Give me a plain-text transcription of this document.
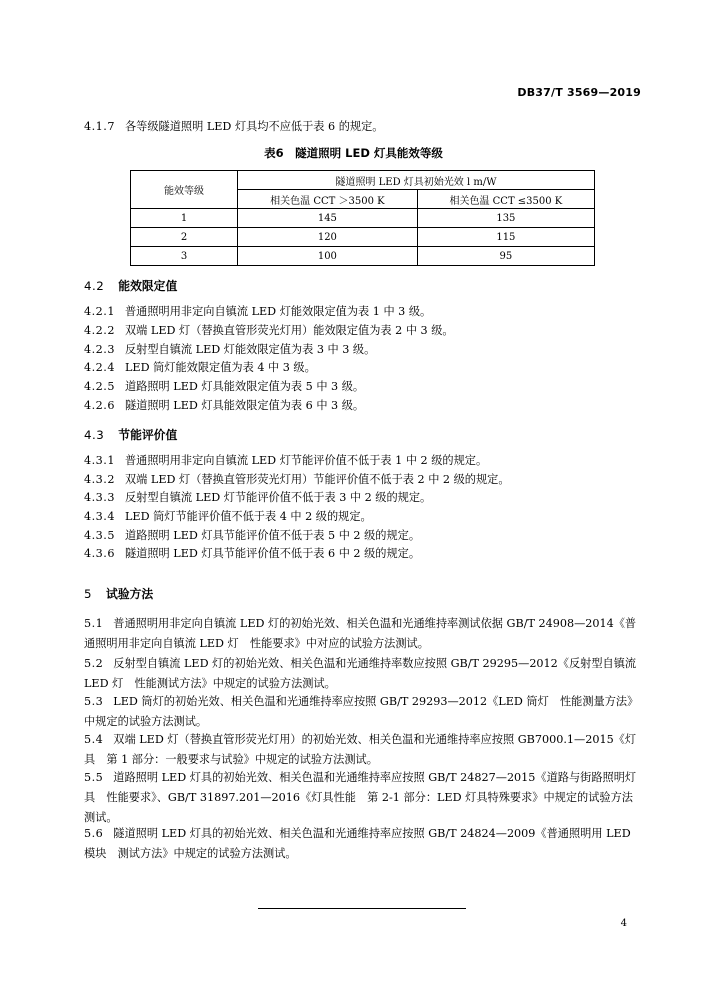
DB37/T 3569—2019
4.1.7 各等级隧道照明 LED 灯具均不应低于表 6 的规定。
表6　隧道照明 LED 灯具能效等级
能效等级	隧道照明 LED 灯具初始光效 l m/W	
	相关色温 CCT ＞3500 K	相关色温 CCT ≤3500 K
1	145	135
2	120	115
3	100	95
4.2 能效限定值
4.2.1 普通照明用非定向自镇流 LED 灯能效限定值为表 1 中 3 级。
4.2.2 双端 LED 灯（替换直管形荧光灯用）能效限定值为表 2 中 3 级。
4.2.3 反射型自镇流 LED 灯能效限定值为表 3 中 3 级。
4.2.4 LED 筒灯能效限定值为表 4 中 3 级。
4.2.5 道路照明 LED 灯具能效限定值为表 5 中 3 级。
4.2.6 隧道照明 LED 灯具能效限定值为表 6 中 3 级。
4.3 节能评价值
4.3.1 普通照明用非定向自镇流 LED 灯节能评价值不低于表 1 中 2 级的规定。
4.3.2 双端 LED 灯（替换直管形荧光灯用）节能评价值不低于表 2 中 2 级的规定。
4.3.3 反射型自镇流 LED 灯节能评价值不低于表 3 中 2 级的规定。
4.3.4 LED 筒灯节能评价值不低于表 4 中 2 级的规定。
4.3.5 道路照明 LED 灯具节能评价值不低于表 5 中 2 级的规定。
4.3.6 隧道照明 LED 灯具节能评价值不低于表 6 中 2 级的规定。
5 试验方法
5.1 普通照明用非定向自镇流 LED 灯的初始光效、相关色温和光通维持率测试依据 GB/T 24908—2014《普通照明用非定向自镇流 LED 灯　性能要求》中对应的试验方法测试。
5.2 反射型自镇流 LED 灯的初始光效、相关色温和光通维持率数应按照 GB/T 29295—2012《反射型自镇流 LED 灯　性能测试方法》中规定的试验方法测试。
5.3 LED 筒灯的初始光效、相关色温和光通维持率应按照 GB/T 29293—2012《LED 筒灯　性能测量方法》中规定的试验方法测试。
5.4 双端 LED 灯（替换直管形荧光灯用）的初始光效、相关色温和光通维持率应按照 GB7000.1—2015《灯具　第 1 部分：一般要求与试验》中规定的试验方法测试。
5.5 道路照明 LED 灯具的初始光效、相关色温和光通维持率应按照 GB/T 24827—2015《道路与街路照明灯具　性能要求》、GB/T 31897.201—2016《灯具性能　第 2-1 部分：LED 灯具特殊要求》中规定的试验方法测试。
5.6 隧道照明 LED 灯具的初始光效、相关色温和光通维持率应按照 GB/T 24824—2009《普通照明用 LED 模块　测试方法》中规定的试验方法测试。
4
